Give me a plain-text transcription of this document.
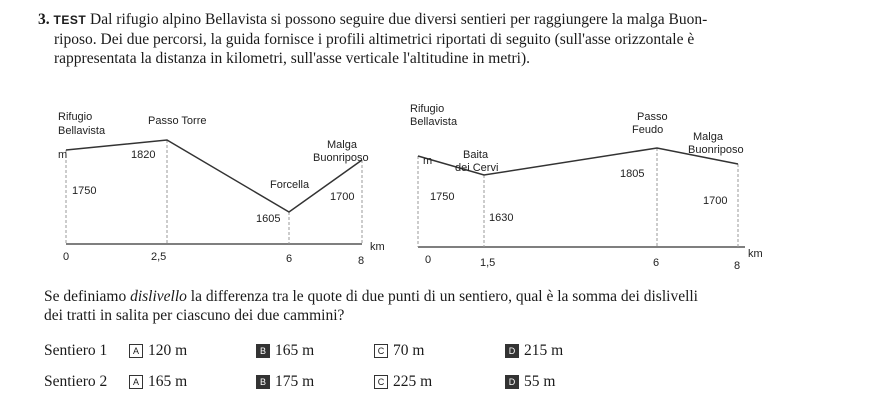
3. TEST Dal rifugio alpino Bellavista si possono seguire due diversi sentieri per raggiungere la malga Buon-
riposo. Dei due percorsi, la guida fornisce i profili altimetrici riportati di seguito (sull'asse orizzontale è
rappresentata la distanza in kilometri, sull'asse verticale l'altitudine in metri).
Rifugio
Bellavista
Passo Torre
Malga
Buonriposo
Forcella
m
km
1750
1820
1605
1700
0	2,5	6	8
Rifugio
Bellavista	Passo
Feudo
Malga
Buonriposo
Baita
dei Cervi
m
km
1750
1630
1805
1700
0	1,5	6	8
Se definiamo dislivello la differenza tra le quote di due punti di un sentiero, qual è la somma dei dislivelli
dei tratti in salita per ciascuno dei due cammini?
Sentiero 1	A 120 m	B 165 m	C 70 m	D 215 m
Sentiero 2	A 165 m	B 175 m	C 225 m	D 55 m
